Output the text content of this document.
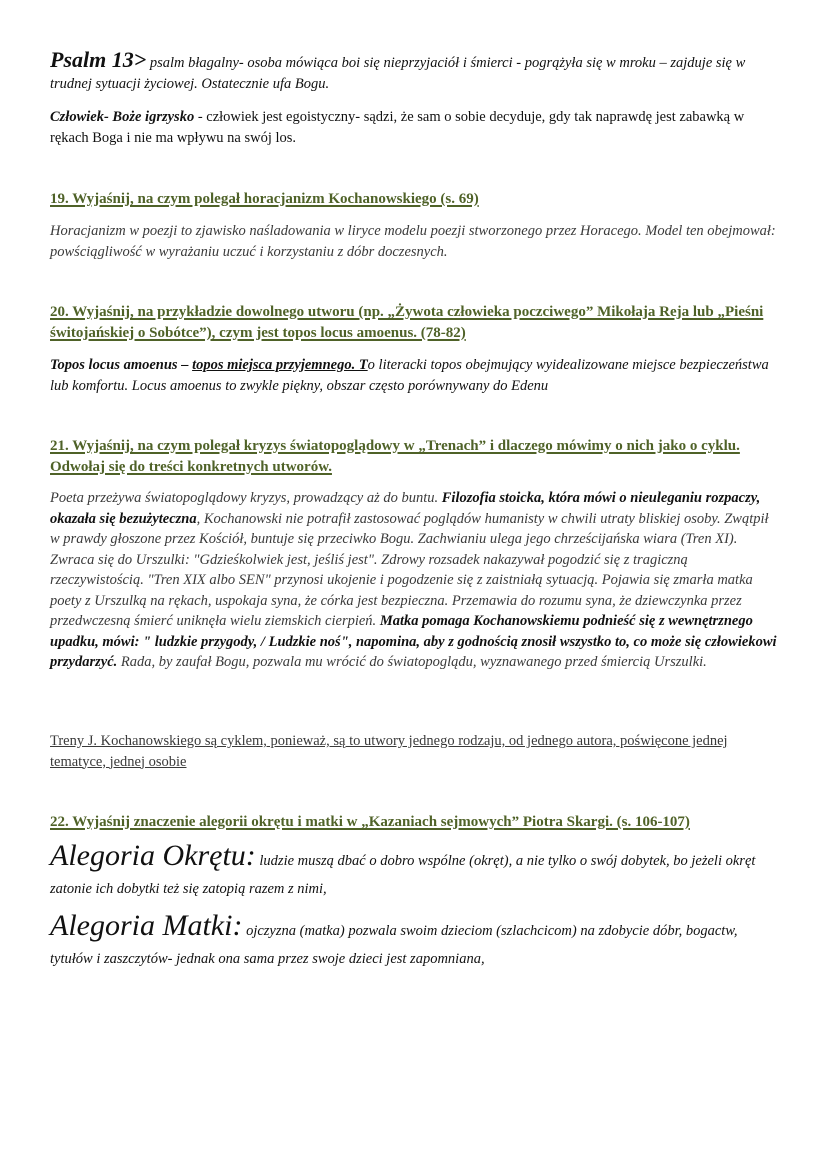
Psalm 13> psalm błagalny- osoba mówiąca boi się nieprzyjaciół i śmierci - pogrążyła się w mroku – zajduje się w trudnej sytuacji życiowej. Ostatecznie ufa Bogu.
Człowiek- Boże igrzysko - człowiek jest egoistyczny- sądzi, że sam o sobie decyduje, gdy tak naprawdę jest zabawką w rękach Boga i nie ma wpływu na swój los.
19. Wyjaśnij, na czym polegał horacjanizm Kochanowskiego (s. 69)
Horacjanizm w poezji to zjawisko naśladowania w liryce modelu poezji stworzonego przez Horacego. Model ten obejmował: powściągliwość w wyrażaniu uczuć i korzystaniu z dóbr doczesnych.
20. Wyjaśnij, na przykładzie dowolnego utworu (np. „Żywota człowieka poczciwego” Mikołaja Reja lub „Pieśni świtojańskiej o Sobótce”), czym jest topos locus amoenus. (78-82)
Topos locus amoenus – topos miejsca przyjemnego. To literacki topos obejmujący wyidealizowane miejsce bezpieczeństwa lub komfortu. Locus amoenus to zwykle piękny, obszar często porównywany do Edenu
21. Wyjaśnij, na czym polegał kryzys światopoglądowy w „Trenach” i dlaczego mówimy o nich jako o cyklu. Odwołaj się do treści konkretnych utworów.
Poeta przeżywa światopoglądowy kryzys, prowadzący aż do buntu. Filozofia stoicka, która mówi o nieuleganiu rozpaczy, okazała się bezużyteczna, Kochanowski nie potrafił zastosować poglądów humanisty w chwili utraty bliskiej osoby. Zwątpił w prawdy głoszone przez Kościół, buntuje się przeciwko Bogu. Zachwianiu ulega jego chrześcijańska wiara (Tren XI). Zwraca się do Urszulki: "Gdzieśkolwiek jest, jeśliś jest". Zdrowy rozsadek nakazywał pogodzić się z tragiczną rzeczywistością. "Tren XIX albo SEN" przynosi ukojenie i pogodzenie się z zaistniałą sytuacją. Pojawia się zmarła matka poety z Urszulką na rękach, uspokaja syna, że córka jest bezpieczna. Przemawia do rozumu syna, że dziewczynka przez przedwczesną śmierć uniknęła wielu ziemskich cierpień. Matka pomaga Kochanowskiemu podnieść się z wewnętrznego upadku, mówi: " ludzkie przygody, / Ludzkie noś", napomina, aby z godnością znosił wszystko to, co może się człowiekowi przydarzyć. Rada, by zaufał Bogu, pozwala mu wrócić do światopoglądu, wyznawanego przed śmiercią Urszulki.
Treny J. Kochanowskiego są cyklem, ponieważ, są to utwory jednego rodzaju, od jednego autora, poświęcone jednej tematyce, jednej osobie
22. Wyjaśnij znaczenie alegorii okrętu i matki w „Kazaniach sejmowych” Piotra Skargi. (s. 106-107)
Alegoria Okrętu: ludzie muszą dbać o dobro wspólne (okręt), a nie tylko o swój dobytek, bo jeżeli okręt zatonie ich dobytki też się zatopią razem z nimi,
Alegoria Matki: ojczyzna (matka) pozwala swoim dzieciom (szlachcicom) na zdobycie dóbr, bogactw, tytułów i zaszczytów- jednak ona sama przez swoje dzieci jest zapomniana,
